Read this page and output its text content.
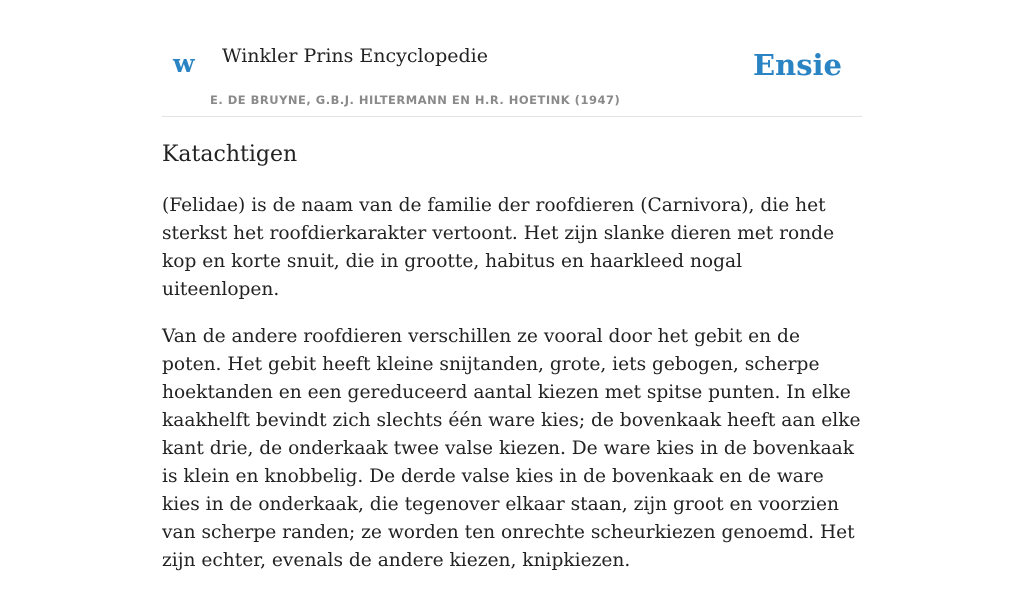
w Winkler Prins Encyclopedie
E. DE BRUYNE, G.B.J. HILTERMANN EN H.R. HOETINK (1947)
Ensie
Katachtigen

(Felidae) is de naam van de familie der roofdieren (Carnivora), die het sterkst het roofdierkarakter vertoont. Het zijn slanke dieren met ronde kop en korte snuit, die in grootte, habitus en haarkleed nogal uiteenlopen.

Van de andere roofdieren verschillen ze vooral door het gebit en de poten. Het gebit heeft kleine snijtanden, grote, iets gebogen, scherpe hoektanden en een gereduceerd aantal kiezen met spitse punten. In elke kaakhelft bevindt zich slechts één ware kies; de bovenkaak heeft aan elke kant drie, de onderkaak twee valse kiezen. De ware kies in de bovenkaak is klein en knobbelig. De derde valse kies in de bovenkaak en de ware kies in de onderkaak, die tegenover elkaar staan, zijn groot en voorzien van scherpe randen; ze worden ten onrechte scheurkiezen genoemd. Het zijn echter, evenals de andere kiezen, knipkiezen.
